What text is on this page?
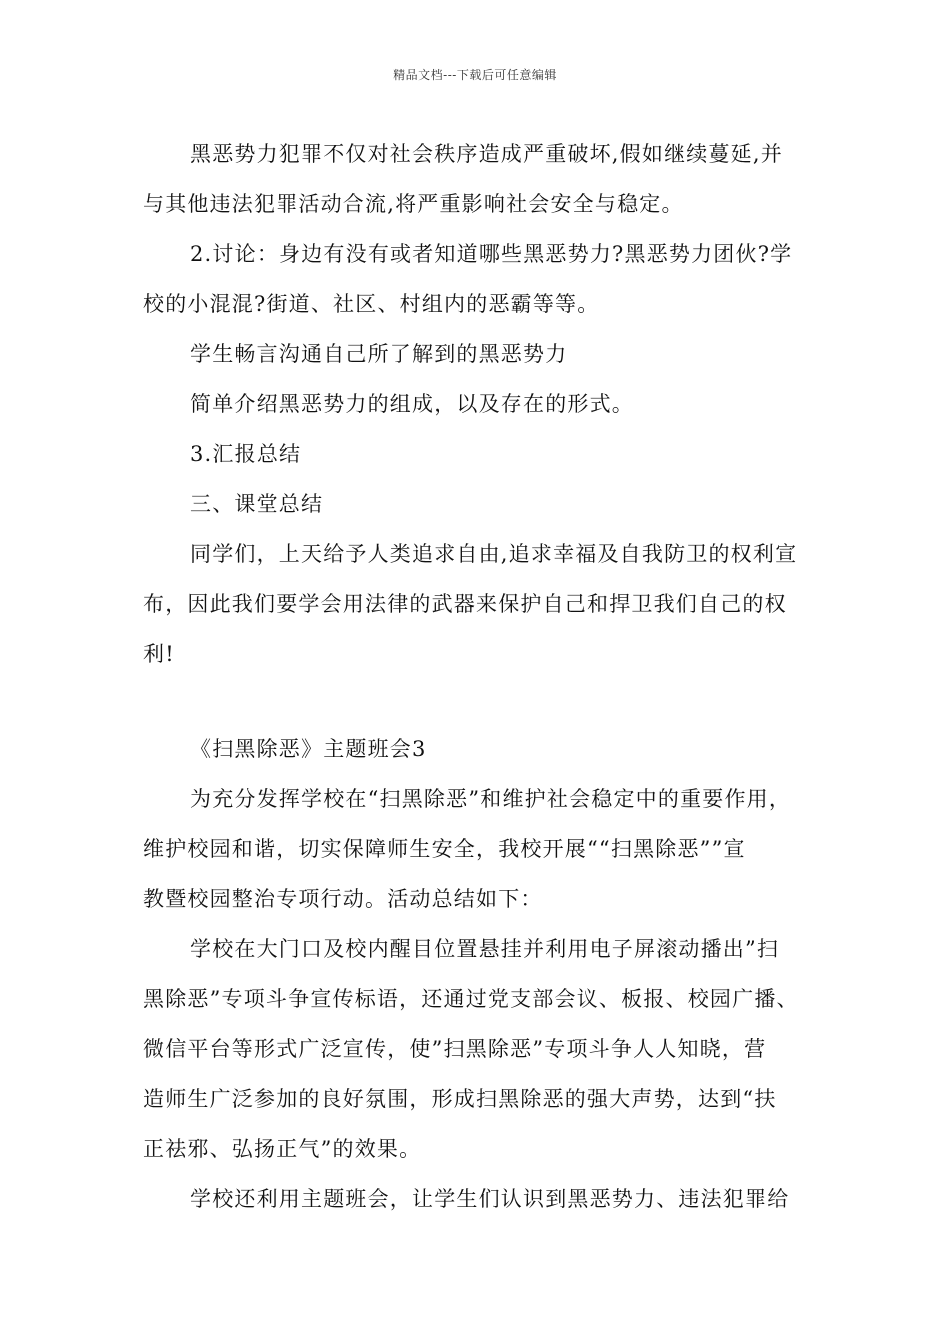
精品文档---下载后可任意编辑
黑恶势力犯罪不仅对社会秩序造成严重破坏,假如继续蔓延,并
与其他违法犯罪活动合流,将严重影响社会安全与稳定。
2.讨论：身边有没有或者知道哪些黑恶势力?黑恶势力团伙?学
校的小混混?街道、社区、村组内的恶霸等等。
学生畅言沟通自己所了解到的黑恶势力
简单介绍黑恶势力的组成，以及存在的形式。
3.汇报总结
三、课堂总结
同学们，上天给予人类追求自由,追求幸福及自我防卫的权利宣
布，因此我们要学会用法律的武器来保护自己和捍卫我们自己的权
利!
《扫黑除恶》主题班会3
为充分发挥学校在“扫黑除恶”和维护社会稳定中的重要作用，
维护校园和谐，切实保障师生安全，我校开展““扫黑除恶””宣
教暨校园整治专项行动。活动总结如下：
学校在大门口及校内醒目位置悬挂并利用电子屏滚动播出”扫
黑除恶”专项斗争宣传标语，还通过党支部会议、板报、校园广播、
微信平台等形式广泛宣传，使”扫黑除恶”专项斗争人人知晓，营
造师生广泛参加的良好氛围，形成扫黑除恶的强大声势，达到“扶
正祛邪、弘扬正气”的效果。
学校还利用主题班会，让学生们认识到黑恶势力、违法犯罪给
